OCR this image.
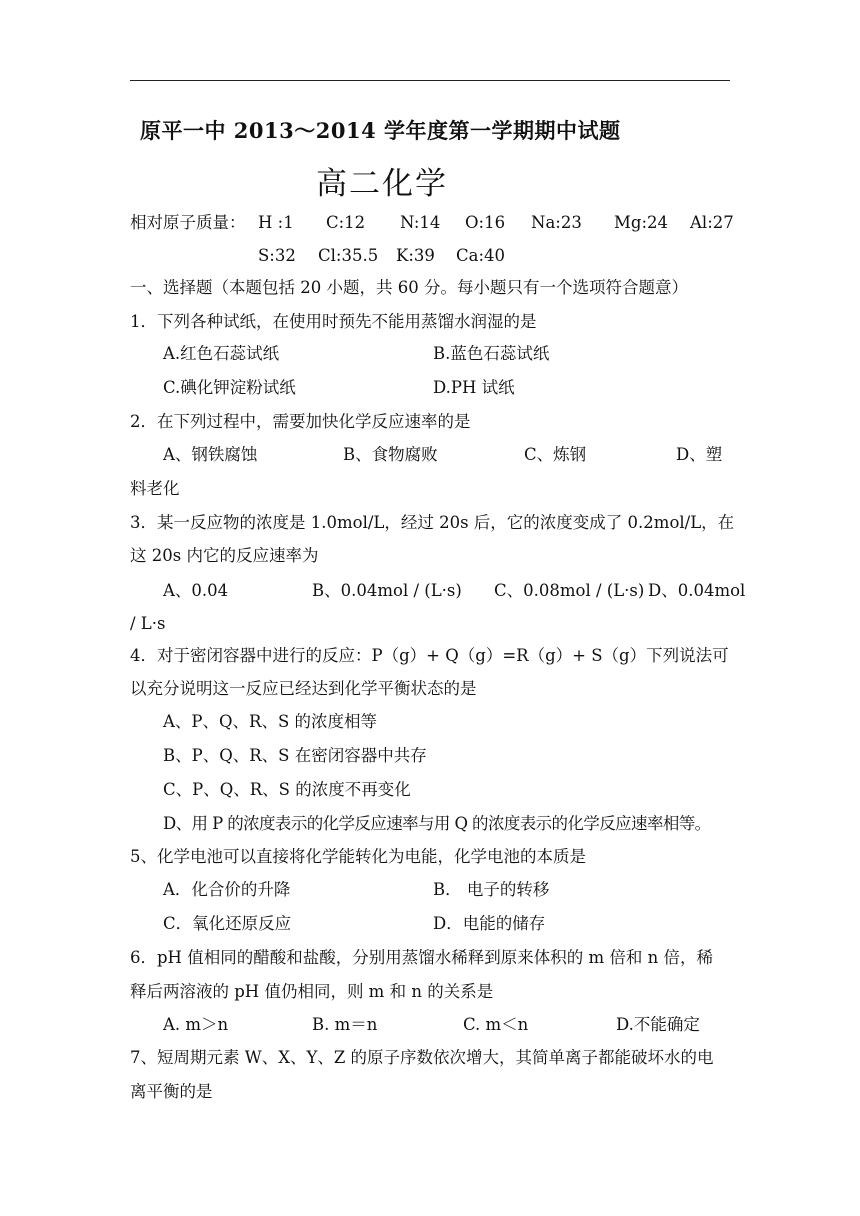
原平一中 2013～2014 学年度第一学期期中试题
高二化学
相对原子质量： H :1 C:12 N:14 O:16 Na:23 Mg:24 Al:27
S:32 Cl:35.5 K:39 Ca:40
一、选择题（本题包括 20 小题，共 60 分。每小题只有一个选项符合题意）
1．下列各种试纸，在使用时预先不能用蒸馏水润湿的是
A.红色石蕊试纸	B.蓝色石蕊试纸
C.碘化钾淀粉试纸	D.PH 试纸
2．在下列过程中，需要加快化学反应速率的是
A、钢铁腐蚀	B、食物腐败	C、炼钢	D、塑
料老化
3．某一反应物的浓度是 1.0mol/L，经过 20s 后，它的浓度变成了 0.2mol/L，在
这 20s 内它的反应速率为
A、0.04	B、0.04mol / (L·s) C、0.08mol / (L·s) D、0.04mol
/ L·s
4．对于密闭容器中进行的反应：P（g）+ Q（g）=R（g）+ S（g）下列说法可
以充分说明这一反应已经达到化学平衡状态的是
A、P、Q、R、S 的浓度相等
B、P、Q、R、S 在密闭容器中共存
C、P、Q、R、S 的浓度不再变化
D、用 P 的浓度表示的化学反应速率与用 Q 的浓度表示的化学反应速率相等。
5、化学电池可以直接将化学能转化为电能，化学电池的本质是
A．化合价的升降	B． 电子的转移
C．氧化还原反应	D．电能的储存
6．pH 值相同的醋酸和盐酸，分别用蒸馏水稀释到原来体积的 m 倍和 n 倍，稀
释后两溶液的 pH 值仍相同，则 m 和 n 的关系是
A. m＞n	B. m＝n	C. m＜n	D.不能确定
7、短周期元素 W、X、Y、Z 的原子序数依次增大，其简单离子都能破坏水的电
离平衡的是
